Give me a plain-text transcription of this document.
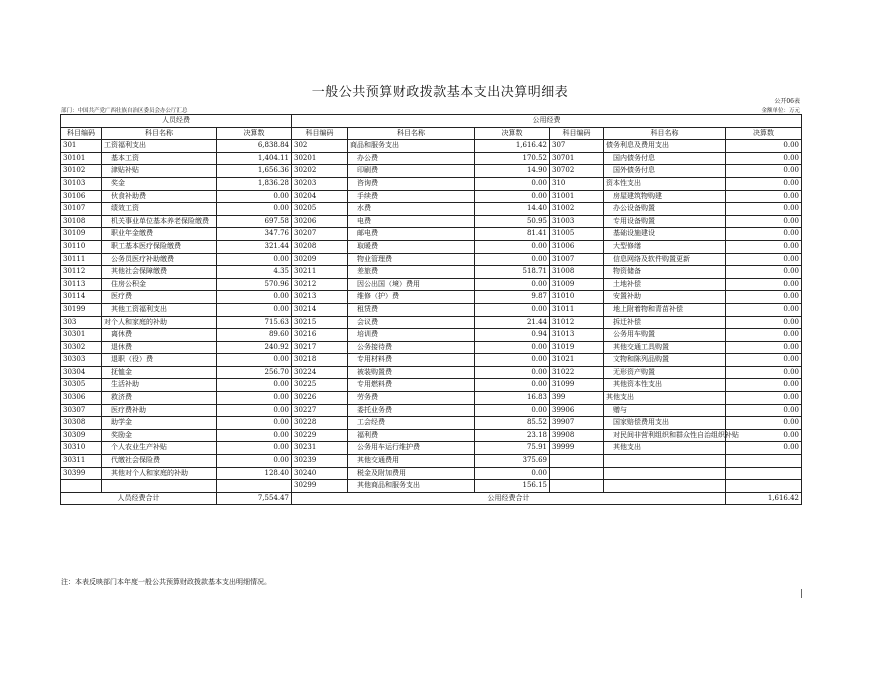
一般公共预算财政拨款基本支出决算明细表
公开06表
部门：中国共产党广西壮族自治区委员会办公厅汇总	金额单位：万元
人员经费			公用经费					
科目编码	科目名称	决算数	科目编码	科目名称	决算数	科目编码	科目名称	决算数
301	工资福利支出	6,838.84	302	商品和服务支出	1,616.42	307	债务利息及费用支出	0.00
30101	基本工资	1,404.11	30201	办公费	170.52	30701	国内债务付息	0.00
30102	津贴补贴	1,656.36	30202	印刷费	14.90	30702	国外债务付息	0.00
30103	奖金	1,836.28	30203	咨询费	0.00	310	资本性支出	0.00
30106	伙食补助费	0.00	30204	手续费	0.00	31001	房屋建筑物购建	0.00
30107	绩效工资	0.00	30205	水费	14.40	31002	办公设备购置	0.00
30108	机关事业单位基本养老保险缴费	697.58	30206	电费	50.95	31003	专用设备购置	0.00
30109	职业年金缴费	347.76	30207	邮电费	81.41	31005	基础设施建设	0.00
30110	职工基本医疗保险缴费	321.44	30208	取暖费	0.00	31006	大型修缮	0.00
30111	公务员医疗补助缴费	0.00	30209	物业管理费	0.00	31007	信息网络及软件购置更新	0.00
30112	其他社会保障缴费	4.35	30211	差旅费	518.71	31008	物资储备	0.00
30113	住房公积金	570.96	30212	因公出国（境）费用	0.00	31009	土地补偿	0.00
30114	医疗费	0.00	30213	维修（护）费	9.87	31010	安置补助	0.00
30199	其他工资福利支出	0.00	30214	租赁费	0.00	31011	地上附着物和青苗补偿	0.00
303	对个人和家庭的补助	715.63	30215	会议费	21.44	31012	拆迁补偿	0.00
30301	离休费	89.60	30216	培训费	0.94	31013	公务用车购置	0.00
30302	退休费	240.92	30217	公务接待费	0.00	31019	其他交通工具购置	0.00
30303	退职（役）费	0.00	30218	专用材料费	0.00	31021	文物和陈列品购置	0.00
30304	抚恤金	256.70	30224	被装购置费	0.00	31022	无形资产购置	0.00
30305	生活补助	0.00	30225	专用燃料费	0.00	31099	其他资本性支出	0.00
30306	救济费	0.00	30226	劳务费	16.83	399	其他支出	0.00
30307	医疗费补助	0.00	30227	委托业务费	0.00	39906	赠与	0.00
30308	助学金	0.00	30228	工会经费	85.52	39907	国家赔偿费用支出	0.00
30309	奖励金	0.00	30229	福利费	23.18	39908	对民间非营利组织和群众性自治组织补贴	0.00
30310	个人农业生产补贴	0.00	30231	公务用车运行维护费	75.91	39999	其他支出	0.00
30311	代缴社会保险费	0.00	30239	其他交通费用	375.69			
30399	其他对个人和家庭的补助	128.40	30240	税金及附加费用	0.00			
			30299	其他商品和服务支出	156.15			
人员经费合计		7,554.47	公用经费合计					1,616.42
注：本表反映部门本年度一般公共预算财政拨款基本支出明细情况。
